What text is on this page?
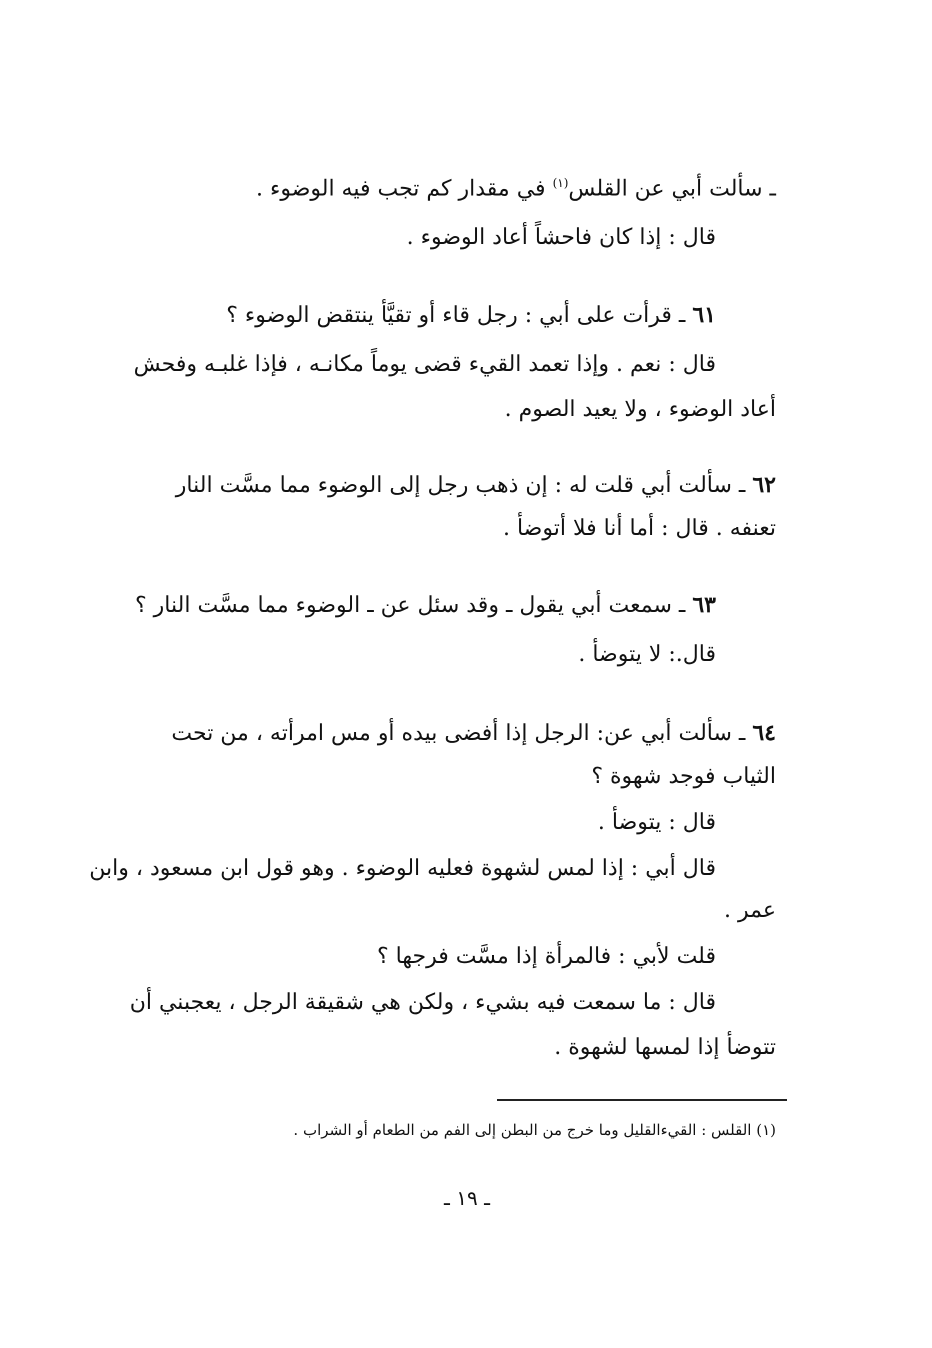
ـ سألت أبي عن القلس$^{(١)}$ في مقدار كم تجب فيه الوضوء .
قال : إذا كان فاحشاً أعاد الوضوء .
٦١ ـ قرأت على أبي : رجل قاء أو تقيَّأ ينتقض الوضوء ؟
قال : نعم . وإذا تعمد القيء قضى يوماً مكانـه ، فإذا غلبـه وفحش
أعاد الوضوء ، ولا يعيد الصوم .
٦٢ ـ سألت أبي قلت له : إن ذهب رجل إلى الوضوء مما مسَّت النار
تعنفه . قال : أما أنا فلا أتوضأ .
٦٣ ـ سمعت أبي يقول ـ وقد سئل عن ـ الوضوء مما مسَّت النار ؟
قال.: لا يتوضأ .
٦٤ ـ سألت أبي عن: الرجل إذا أفضى بيده أو مس امرأته ، من تحت
الثياب فوجد شهوة ؟
قال : يتوضأ .
قال أبي : إذا لمس لشهوة فعليه الوضوء . وهو قول ابن مسعود ، وابن
عمر .
قلت لأبي : فالمرأة إذا مسَّت فرجها ؟
قال : ما سمعت فيه بشيء ، ولكن هي شقيقة الرجل ، يعجبني أن
تتوضأ إذا لمسها لشهوة .
(١) القلس : القيءالقليل وما خرج من البطن إلى الفم من الطعام أو الشراب .
ـ ١٩ ـ
